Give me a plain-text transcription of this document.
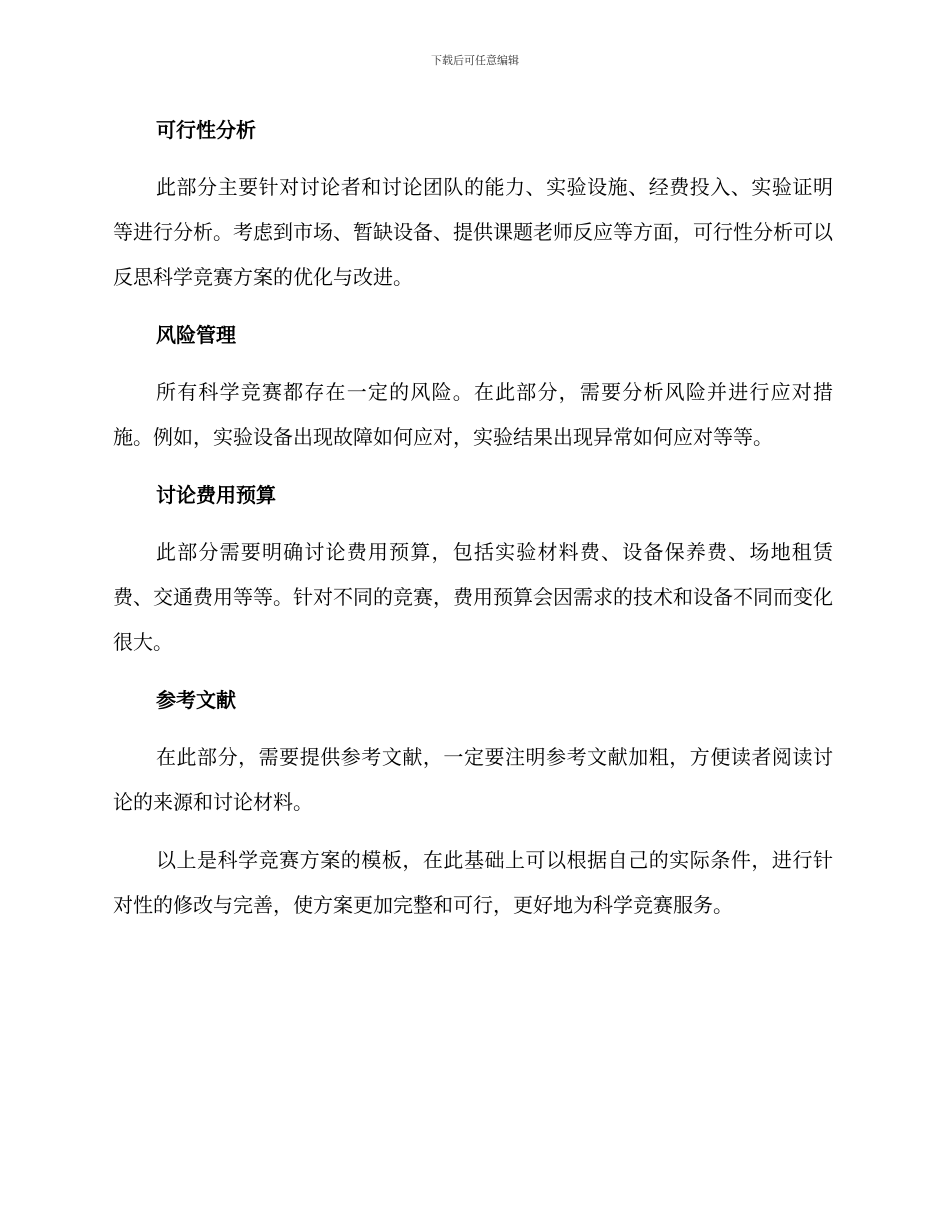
下载后可任意编辑
可行性分析

此部分主要针对讨论者和讨论团队的能力、实验设施、经费投入、实验证明等进行分析。考虑到市场、暂缺设备、提供课题老师反应等方面，可行性分析可以反思科学竞赛方案的优化与改进。

风险管理

所有科学竞赛都存在一定的风险。在此部分，需要分析风险并进行应对措施。例如，实验设备出现故障如何应对，实验结果出现异常如何应对等等。

讨论费用预算

此部分需要明确讨论费用预算，包括实验材料费、设备保养费、场地租赁费、交通费用等等。针对不同的竞赛，费用预算会因需求的技术和设备不同而变化很大。

参考文献

在此部分，需要提供参考文献，一定要注明参考文献加粗，方便读者阅读讨论的来源和讨论材料。

以上是科学竞赛方案的模板，在此基础上可以根据自己的实际条件，进行针对性的修改与完善，使方案更加完整和可行，更好地为科学竞赛服务。
